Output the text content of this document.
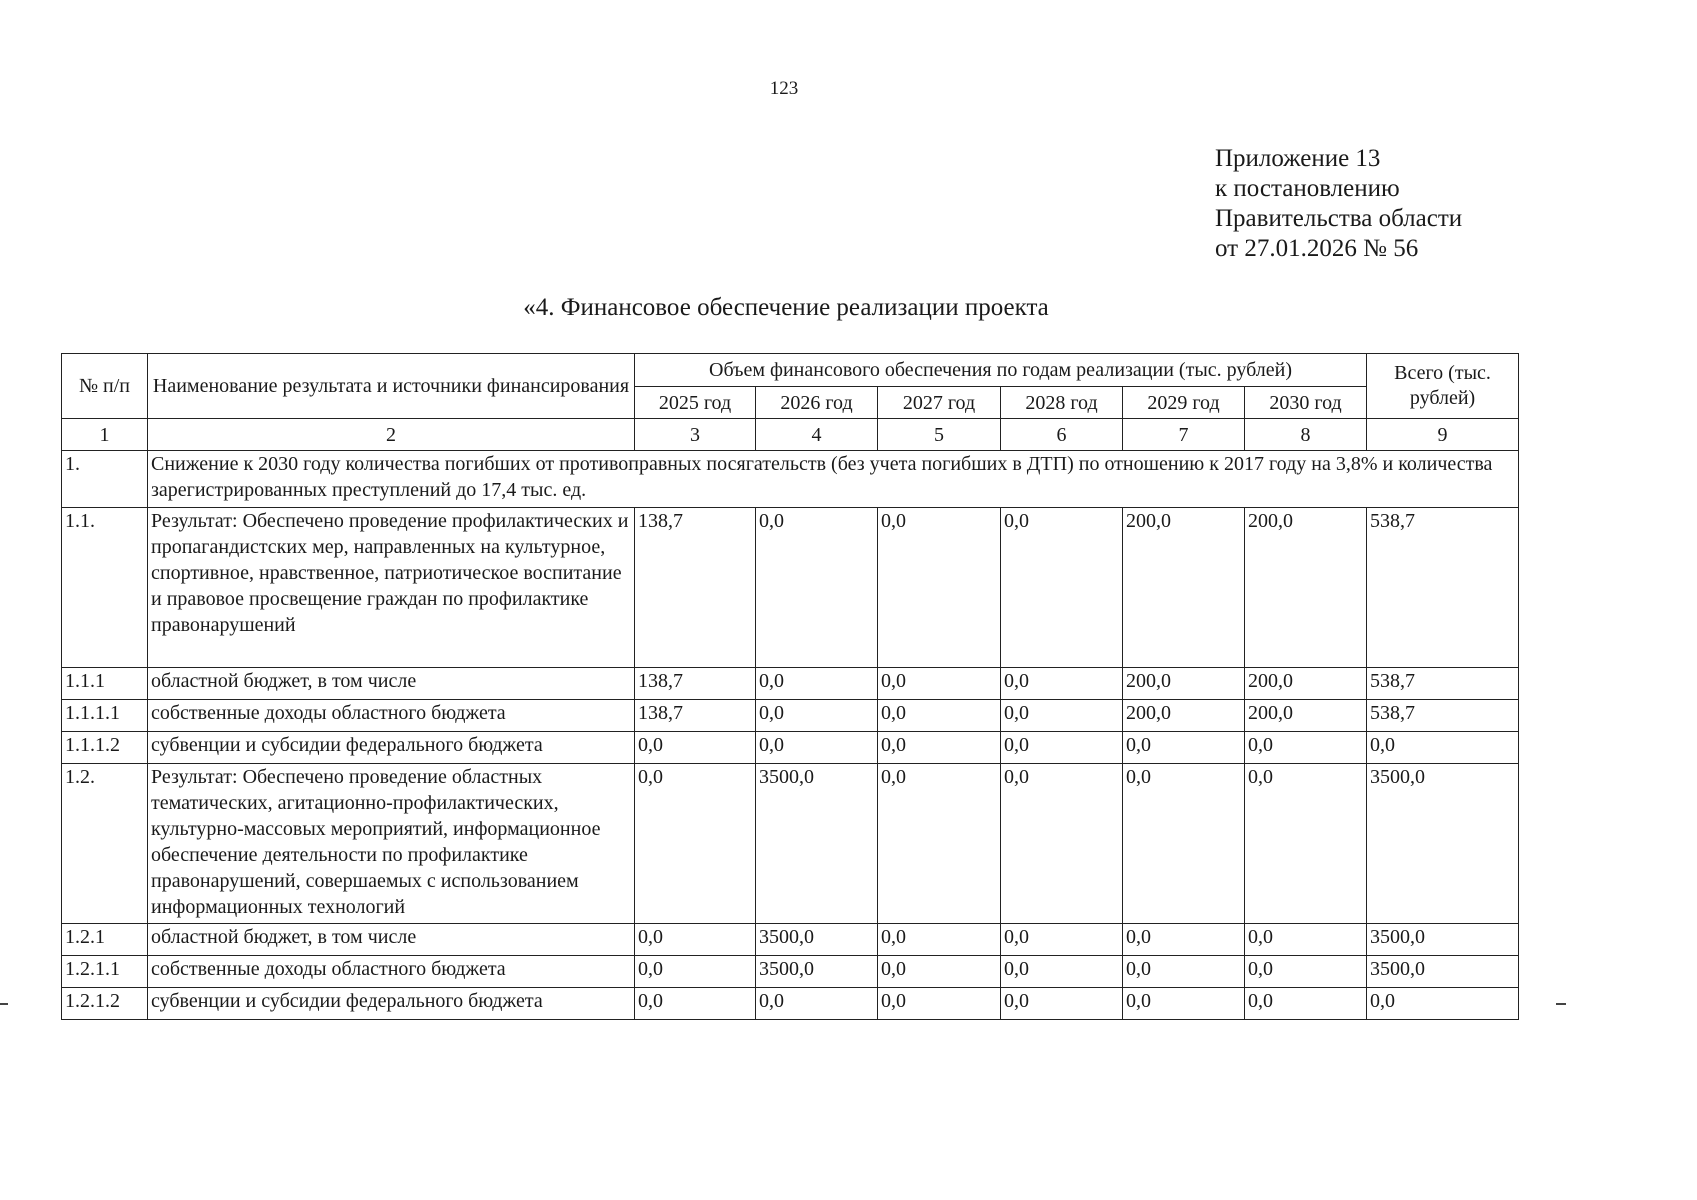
123
Приложение 13
к постановлению
Правительства области
от 27.01.2026 № 56
«4. Финансовое обеспечение реализации проекта
№ п/п	Наименование результата и источники финансирования	Объем финансового обеспечения по годам реализации (тыс. рублей)						Всего (тыс. рублей)
		2025 год	2026 год	2027 год	2028 год	2029 год	2030 год	
1	2	3	4	5	6	7	8	9
1.	Снижение к 2030 году количества погибших от противоправных посягательств (без учета погибших в ДТП) по отношению к 2017 году на 3,8% и количества зарегистрированных преступлений до 17,4 тыс. ед.							
1.1.	Результат: Обеспечено проведение профилактических и пропагандистских мер, направленных на культурное, спортивное, нравственное, патриотическое воспитание и правовое просвещение граждан по профилактике правонарушений	138,7	0,0	0,0	0,0	200,0	200,0	538,7
1.1.1	областной бюджет, в том числе	138,7	0,0	0,0	0,0	200,0	200,0	538,7
1.1.1.1	собственные доходы областного бюджета	138,7	0,0	0,0	0,0	200,0	200,0	538,7
1.1.1.2	субвенции и субсидии федерального бюджета	0,0	0,0	0,0	0,0	0,0	0,0	0,0
1.2.	Результат: Обеспечено проведение областных тематических, агитационно-профилактических, культурно-массовых мероприятий, информационное обеспечение деятельности по профилактике правонарушений, совершаемых с использованием информационных технологий	0,0	3500,0	0,0	0,0	0,0	0,0	3500,0
1.2.1	областной бюджет, в том числе	0,0	3500,0	0,0	0,0	0,0	0,0	3500,0
1.2.1.1	собственные доходы областного бюджета	0,0	3500,0	0,0	0,0	0,0	0,0	3500,0
1.2.1.2	субвенции и субсидии федерального бюджета	0,0	0,0	0,0	0,0	0,0	0,0	0,0
